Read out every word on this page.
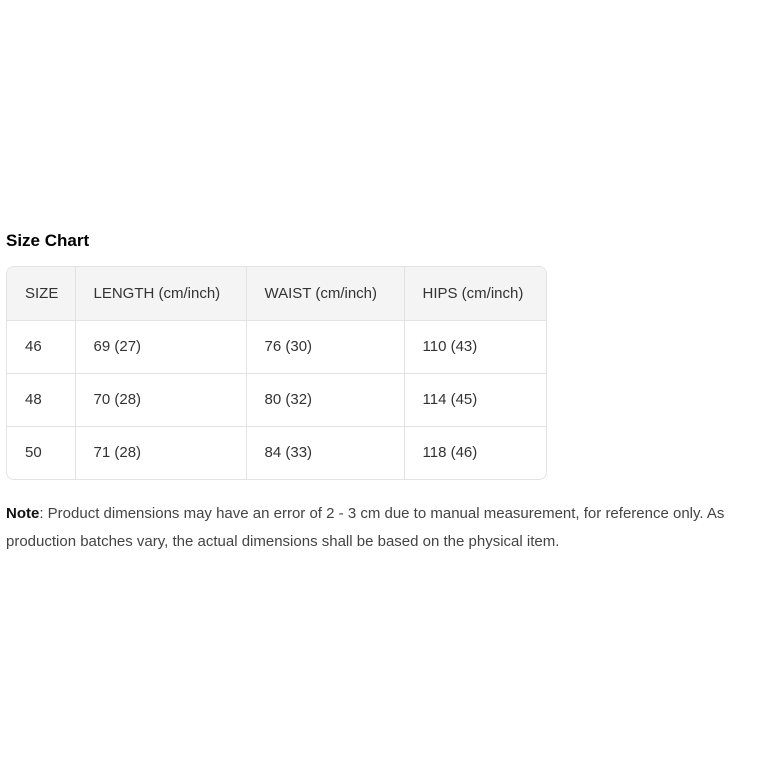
Size Chart
SIZE	LENGTH (cm/inch)	WAIST (cm/inch)	HIPS (cm/inch)
46	69 (27)	76 (30)	110 (43)
48	70 (28)	80 (32)	114 (45)
50	71 (28)	84 (33)	118 (46)

Note: Product dimensions may have an error of 2 - 3 cm due to manual measurement, for reference only. As production batches vary, the actual dimensions shall be based on the physical item.
